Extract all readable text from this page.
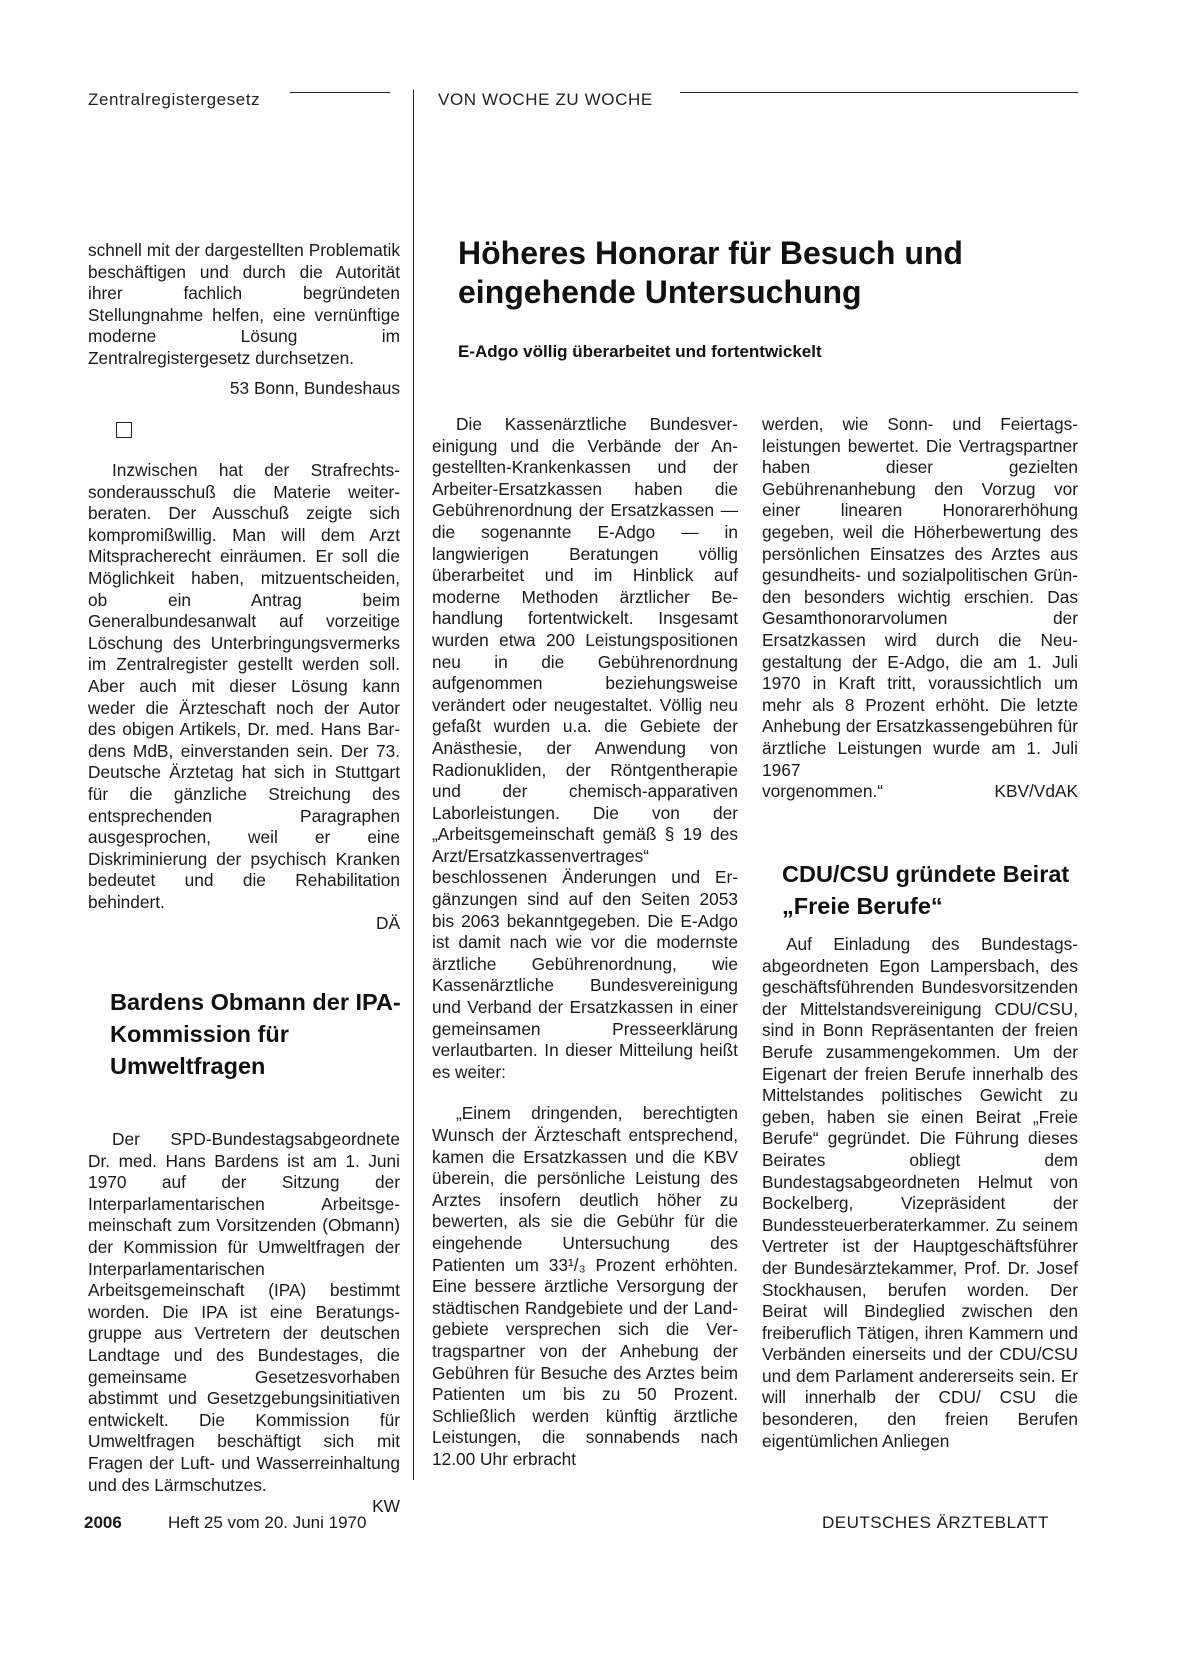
Zentralregistergesetz	VON WOCHE ZU WOCHE

schnell mit der dargestellten Problematik beschäftigen und durch die Autorität ihrer fachlich begründeten Stellungnahme helfen, eine vernünftige moderne Lösung im Zentralregistergesetz durchsetzen.

53 Bonn, Bundeshaus

Inzwischen hat der Strafrechtssonderausschuß die Materie weiterberaten. Der Ausschuß zeigte sich kompromißwillig. Man will dem Arzt Mitspracherecht einräumen. Er soll die Möglichkeit haben, mitzuentscheiden, ob ein Antrag beim Generalbundesanwalt auf vorzeitige Löschung des Unterbringungsvermerks im Zentralregister gestellt werden soll. Aber auch mit dieser Lösung kann weder die Ärzteschaft noch der Autor des obigen Artikels, Dr. med. Hans Bardens MdB, einverstanden sein. Der 73. Deutsche Ärztetag hat sich in Stuttgart für die gänzliche Streichung des entsprechenden Paragraphen ausgesprochen, weil er eine Diskriminierung der psychisch Kranken bedeutet und die Rehabilitation behindert.
DÄ

Bardens Obmann der IPA-Kommission für Umweltfragen

Der SPD-Bundestagsabgeordnete Dr. med. Hans Bardens ist am 1. Juni 1970 auf der Sitzung der Interparlamentarischen Arbeitsgemeinschaft zum Vorsitzenden (Obmann) der Kommission für Umweltfragen der Interparlamentarischen Arbeitsgemeinschaft (IPA) bestimmt worden. Die IPA ist eine Beratungsgruppe aus Vertretern der deutschen Landtage und des Bundestages, die gemeinsame Gesetzesvorhaben abstimmt und Gesetzgebungsinitiativen entwickelt. Die Kommission für Umweltfragen beschäftigt sich mit Fragen der Luft- und Wasserreinhaltung und des Lärmschutzes.
KW

Höheres Honorar für Besuch und eingehende Untersuchung
E-Adgo völlig überarbeitet und fortentwickelt

Die Kassenärztliche Bundesvereinigung und die Verbände der Angestellten-Krankenkassen und der Arbeiter-Ersatzkassen haben die Gebührenordnung der Ersatzkassen — die sogenannte E-Adgo — in langwierigen Beratungen völlig überarbeitet und im Hinblick auf moderne Methoden ärztlicher Behandlung fortentwickelt. Insgesamt wurden etwa 200 Leistungspositionen neu in die Gebührenordnung aufgenommen beziehungsweise verändert oder neugestaltet. Völlig neu gefaßt wurden u.a. die Gebiete der Anästhesie, der Anwendung von Radionukliden, der Röntgentherapie und der chemisch-apparativen Laborleistungen. Die von der „Arbeitsgemeinschaft gemäß § 19 des Arzt/Ersatzkassenvertrages“ beschlossenen Änderungen und Ergänzungen sind auf den Seiten 2053 bis 2063 bekanntgegeben. Die E-Adgo ist damit nach wie vor die modernste ärztliche Gebührenordnung, wie Kassenärztliche Bundesvereinigung und Verband der Ersatzkassen in einer gemeinsamen Presseerklärung verlautbarten. In dieser Mitteilung heißt es weiter:

„Einem dringenden, berechtigten Wunsch der Ärzteschaft entsprechend, kamen die Ersatzkassen und die KBV überein, die persönliche Leistung des Arztes insofern deutlich höher zu bewerten, als sie die Gebühr für die eingehende Untersuchung des Patienten um 33¹/₃ Prozent erhöhten. Eine bessere ärztliche Versorgung der städtischen Randgebiete und der Landgebiete versprechen sich die Vertragspartner von der Anhebung der Gebühren für Besuche des Arztes beim Patienten um bis zu 50 Prozent. Schließlich werden künftig ärztliche Leistungen, die sonnabends nach 12.00 Uhr erbracht

werden, wie Sonn- und Feiertagsleistungen bewertet. Die Vertragspartner haben dieser gezielten Gebührenanhebung den Vorzug vor einer linearen Honorarerhöhung gegeben, weil die Höherbewertung des persönlichen Einsatzes des Arztes aus gesundheits- und sozialpolitischen Gründen besonders wichtig erschien. Das Gesamthonorarvolumen der Ersatzkassen wird durch die Neugestaltung der E-Adgo, die am 1. Juli 1970 in Kraft tritt, voraussichtlich um mehr als 8 Prozent erhöht. Die letzte Anhebung der Ersatzkassengebühren für ärztliche Leistungen wurde am 1. Juli 1967

vorgenommen.“	KBV/VdAK
CDU/CSU gründete Beirat „Freie Berufe“

Auf Einladung des Bundestagsabgeordneten Egon Lampersbach, des geschäftsführenden Bundesvorsitzenden der Mittelstandsvereinigung CDU/CSU, sind in Bonn Repräsentanten der freien Berufe zusammengekommen. Um der Eigenart der freien Berufe innerhalb des Mittelstandes politisches Gewicht zu geben, haben sie einen Beirat „Freie Berufe“ gegründet. Die Führung dieses Beirates obliegt dem Bundestagsabgeordneten Helmut von Bockelberg, Vizepräsident der Bundessteuerberaterkammer. Zu seinem Vertreter ist der Hauptgeschäftsführer der Bundesärztekammer, Prof. Dr. Josef Stockhausen, berufen worden. Der Beirat will Bindeglied zwischen den freiberuflich Tätigen, ihren Kammern und Verbänden einerseits und der CDU/CSU und dem Parlament andererseits sein. Er will innerhalb der CDU/ CSU die besonderen, den freien Berufen eigentümlichen Anliegen

2006	Heft 25 vom 20. Juni 1970	DEUTSCHES ÄRZTEBLATT
